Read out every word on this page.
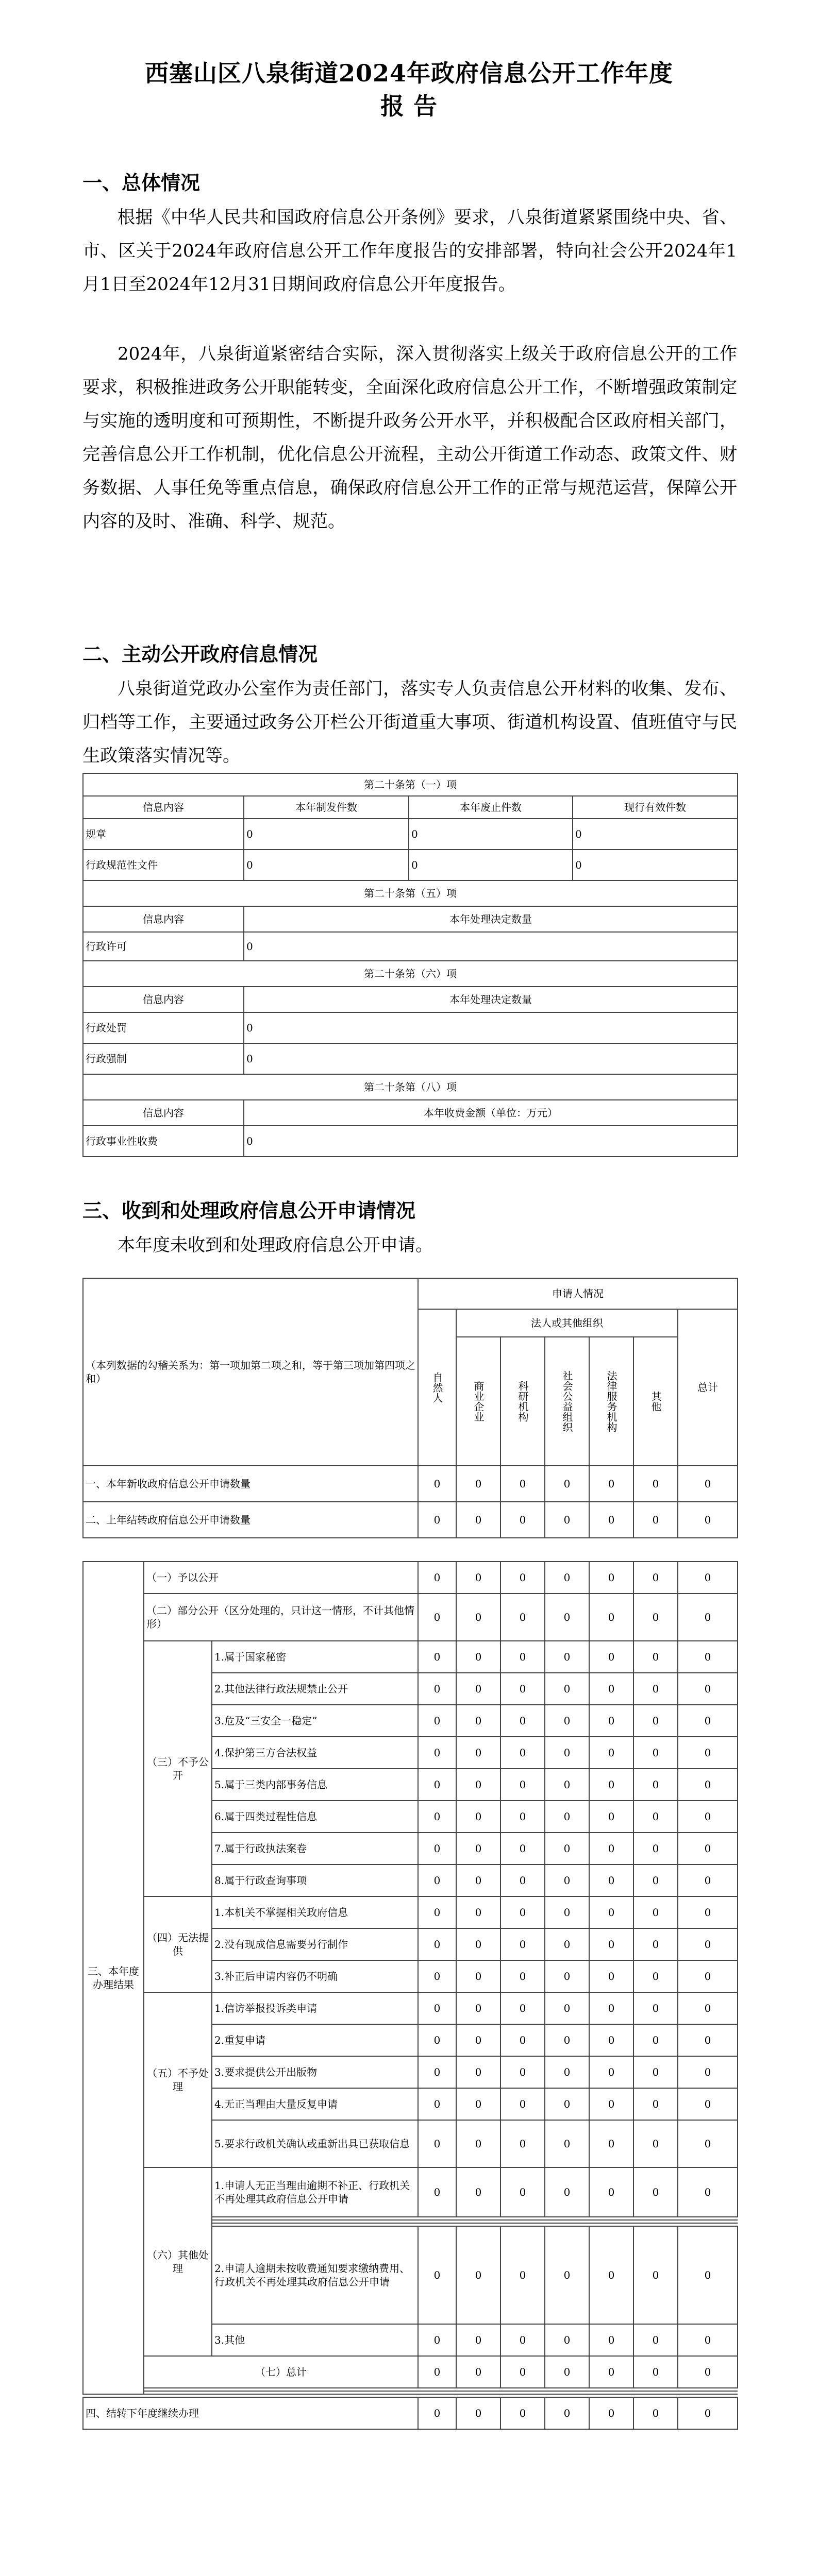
西塞山区八泉街道2024年政府信息公开工作年度
报 告
一、总体情况
根据《中华人民共和国政府信息公开条例》要求，八泉街道紧紧围绕中央、省、市、区关于2024年政府信息公开工作年度报告的安排部署，特向社会公开2024年1月1日至2024年12月31日期间政府信息公开年度报告。
2024年，八泉街道紧密结合实际，深入贯彻落实上级关于政府信息公开的工作要求，积极推进政务公开职能转变，全面深化政府信息公开工作，不断增强政策制定与实施的透明度和可预期性，不断提升政务公开水平，并积极配合区政府相关部门，完善信息公开工作机制，优化信息公开流程，主动公开街道工作动态、政策文件、财务数据、人事任免等重点信息，确保政府信息公开工作的正常与规范运营，保障公开内容的及时、准确、科学、规范。
二、主动公开政府信息情况
八泉街道党政办公室作为责任部门，落实专人负责信息公开材料的收集、发布、归档等工作，主要通过政务公开栏公开街道重大事项、街道机构设置、值班值守与民生政策落实情况等。
第二十条第（一）项			
信息内容	本年制发件数	本年废止件数	现行有效件数
规章	0	0	0
行政规范性文件	0	0	0
第二十条第（五）项			
信息内容	本年处理决定数量		
行政许可	0		
第二十条第（六）项			
信息内容	本年处理决定数量		
行政处罚	0		
行政强制	0		
第二十条第（八）项			
信息内容	本年收费金额（单位：万元）		
行政事业性收费	0		
三、收到和处理政府信息公开申请情况
本年度未收到和处理政府信息公开申请。
（本列数据的勾稽关系为：第一项加第二项之和，等于第三项加第四项之和）	申请人情况						

	自然人	法人或其他组织					总计

		商业企业	科研机构	社会公益组织	法律服务机构	其他	

一、本年新收政府信息公开申请数量	0	0	0	0	0	0	0
二、上年结转政府信息公开申请数量	0	0	0	0	0	0	0
三、本年度办理结果	（一）予以公开		0	0	0	0	0	0	0
	（二）部分公开（区分处理的，只计这一情形，不计其他情形）		0	0	0	0	0	0	0
	（三）不予公开	1.属于国家秘密	0	0	0	0	0	0	0
		2.其他法律行政法规禁止公开	0	0	0	0	0	0	0
		3.危及“三安全一稳定”	0	0	0	0	0	0	0
		4.保护第三方合法权益	0	0	0	0	0	0	0
		5.属于三类内部事务信息	0	0	0	0	0	0	0
		6.属于四类过程性信息	0	0	0	0	0	0	0
		7.属于行政执法案卷	0	0	0	0	0	0	0
		8.属于行政查询事项	0	0	0	0	0	0	0
	（四）无法提供	1.本机关不掌握相关政府信息	0	0	0	0	0	0	0
		2.没有现成信息需要另行制作	0	0	0	0	0	0	0
		3.补正后申请内容仍不明确	0	0	0	0	0	0	0
	（五）不予处理	1.信访举报投诉类申请	0	0	0	0	0	0	0
		2.重复申请	0	0	0	0	0	0	0
		3.要求提供公开出版物	0	0	0	0	0	0	0
		4.无正当理由大量反复申请	0	0	0	0	0	0	0
		5.要求行政机关确认或重新出具已获取信息	0	0	0	0	0	0	0
	（六）其他处理	1.申请人无正当理由逾期不补正、行政机关不再处理其政府信息公开申请	0	0	0	0	0	0	0

		2.申请人逾期未按收费通知要求缴纳费用、行政机关不再处理其政府信息公开申请	0	0	0	0	0	0	0
		3.其他	0	0	0	0	0	0	0
	（七）总计		0	0	0	0	0	0	0

四、结转下年度继续办理			0	0	0	0	0	0	0
